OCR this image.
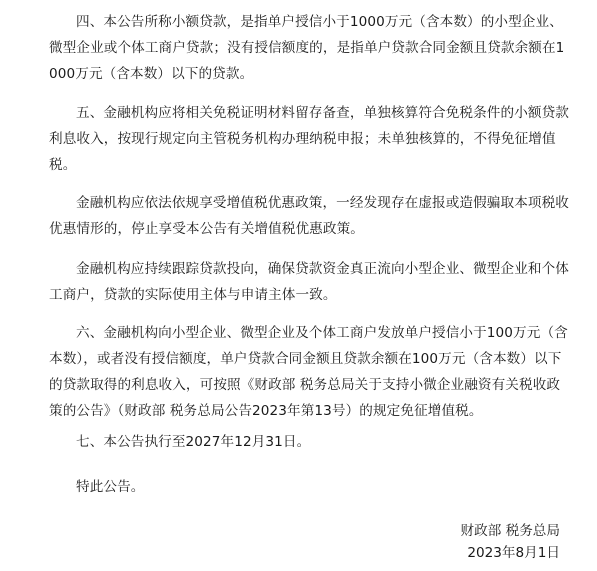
四、本公告所称小额贷款，是指单户授信小于1000万元（含本数）的小型企业、微型企业或个体工商户贷款；没有授信额度的，是指单户贷款合同金额且贷款余额在1000万元（含本数）以下的贷款。

五、金融机构应将相关免税证明材料留存备查，单独核算符合免税条件的小额贷款利息收入，按现行规定向主管税务机构办理纳税申报；未单独核算的，不得免征增值税。

金融机构应依法依规享受增值税优惠政策，一经发现存在虚报或造假骗取本项税收优惠情形的，停止享受本公告有关增值税优惠政策。

金融机构应持续跟踪贷款投向，确保贷款资金真正流向小型企业、微型企业和个体工商户，贷款的实际使用主体与申请主体一致。

六、金融机构向小型企业、微型企业及个体工商户发放单户授信小于100万元（含本数），或者没有授信额度，单户贷款合同金额且贷款余额在100万元（含本数）以下的贷款取得的利息收入，可按照《财政部 税务总局关于支持小微企业融资有关税收政策的公告》（财政部 税务总局公告2023年第13号）的规定免征增值税。

七、本公告执行至2027年12月31日。

特此公告。

财政部 税务总局

2023年8月1日
